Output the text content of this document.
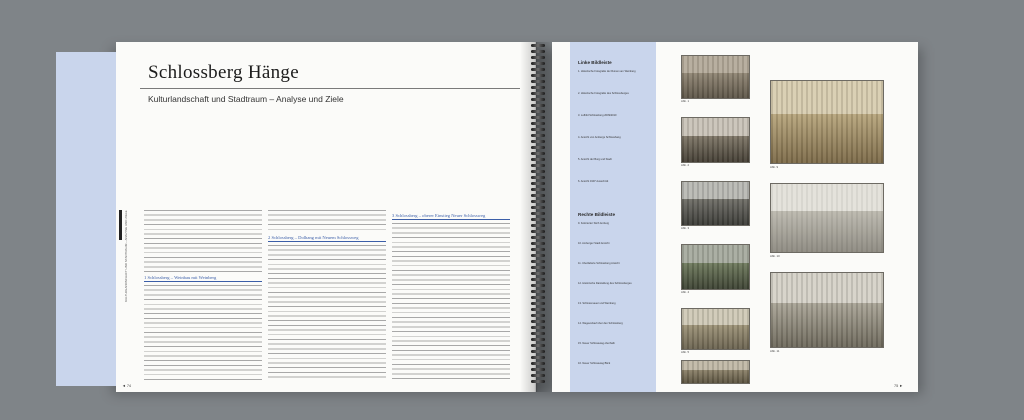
KULTURLANDSCHAFT UND STADTRAUM – ANALYSE UND ZIELE
Schlossberg Hänge
Kulturlandschaft und Stadtraum – Analyse und Ziele
1 Schlossberg – Weinbau mit Weinberg
2 Schlossberg – Dolhang mit Neuem Schlossweg
3 Schlossberg – oberer Einstieg Neuer Schlossweg
◄ 74
Linke Bildleiste
Rechte Bildleiste
1. Historische Fotografie der Ruinen am Weinberg
2. Historische Fotografie des Schlossberges
3. Lufbild Schlossberg 2009/2010
4. Ansicht von Ambergs Schlosshang
5. Ansicht der Burg und Stadt
6. Ansicht 1907 Ausschnitt
9. Kolorierter Stich Amberg
10. Amberger Stadt Ansicht
11. Überlieferte Schlossberg Ansicht
12. Historische Darstellung des Schlossberges
13. Schlossmauer und Weinberg
14. Wegeverlauf über den Schlossberg
15. Neuer Schlossweg oberhalb
16. Neuer Schlossweg Blick
Abb. 1
Abb. 2
Abb. 3
Abb. 4
Abb. 5
Abb. 9
Abb. 10
Abb. 11
75 ►
